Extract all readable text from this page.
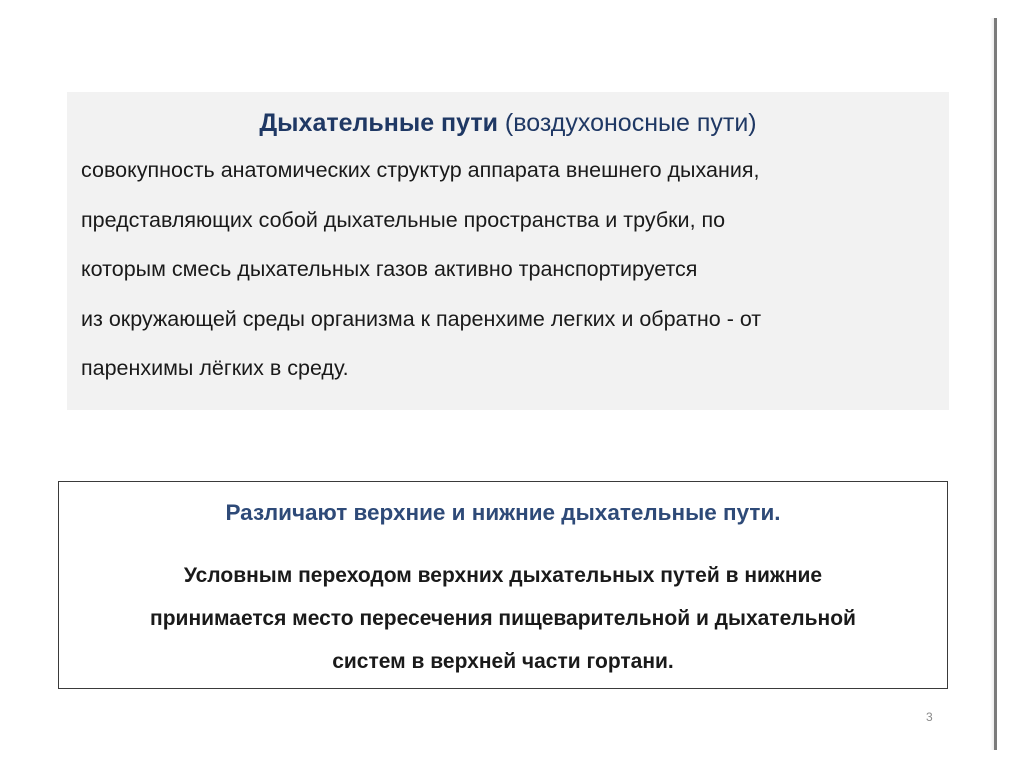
Дыхательные пути (воздухоносные пути)

совокупность анатомических структур аппарата внешнего дыхания,
представляющих собой дыхательные пространства и трубки, по
которым смесь дыхательных газов активно транспортируется
из окружающей среды организма к паренхиме легких и обратно - от
паренхимы лёгких в среду.

Различают верхние и нижние дыхательные пути.
Условным переходом верхних дыхательных путей в нижние
принимается место пересечения пищеварительной и дыхательной
систем в верхней части гортани.
3
